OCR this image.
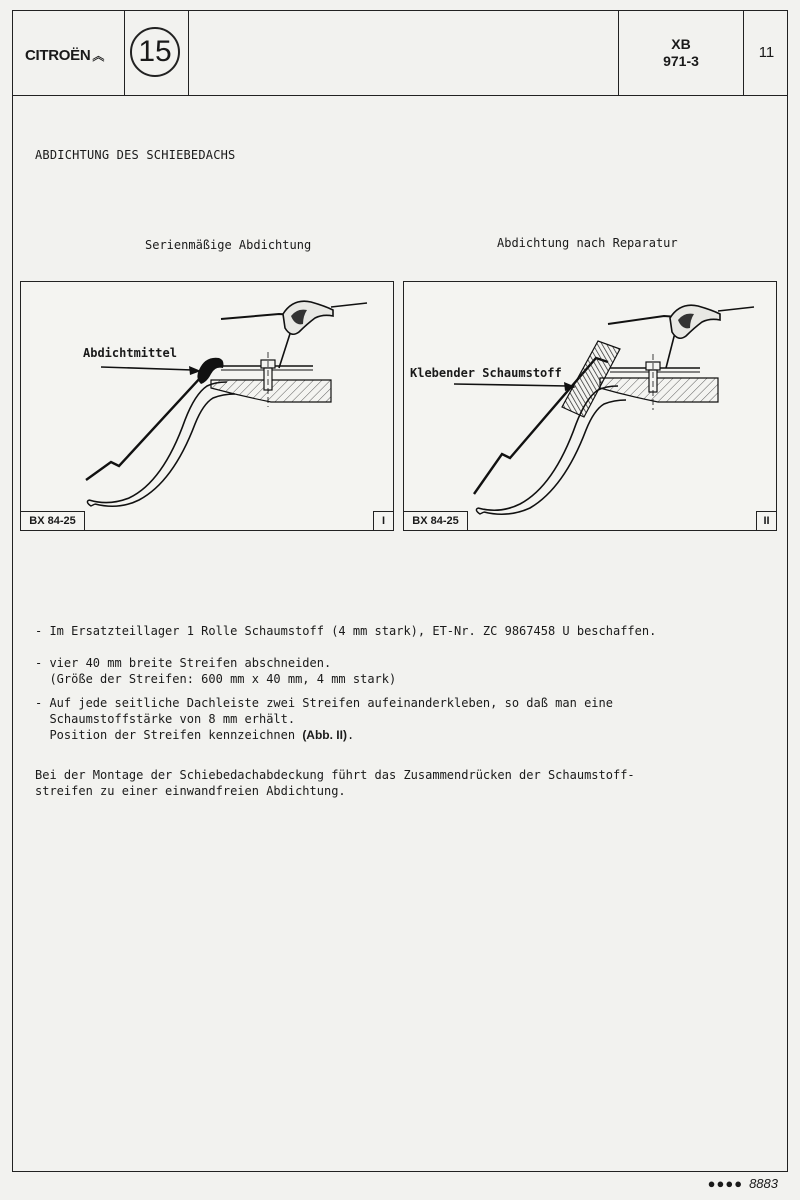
CITROËN ︽ 15	XB
971-3	11
ABDICHTUNG DES SCHIEBEDACHS
Serienmäßige Abdichtung	Abdichtung nach Reparatur
Abdichtmittel
BX 84-25	I
Klebender Schaumstoff
BX 84-25	II
- Im Ersatzteillager 1 Rolle Schaumstoff (4 mm stark), ET-Nr. ZC 9867458 U beschaffen.
- vier 40 mm breite Streifen abschneiden.
(Größe der Streifen: 600 mm x 40 mm, 4 mm stark)
- Auf jede seitliche Dachleiste zwei Streifen aufeinanderkleben, so daß man eine
Schaumstoffstärke von 8 mm erhält.
Position der Streifen kennzeichnen (Abb. II).
Bei der Montage der Schiebedachabdeckung führt das Zusammendrücken der Schaumstoff-
streifen zu einer einwandfreien Abdichtung.
●●●● 8883
